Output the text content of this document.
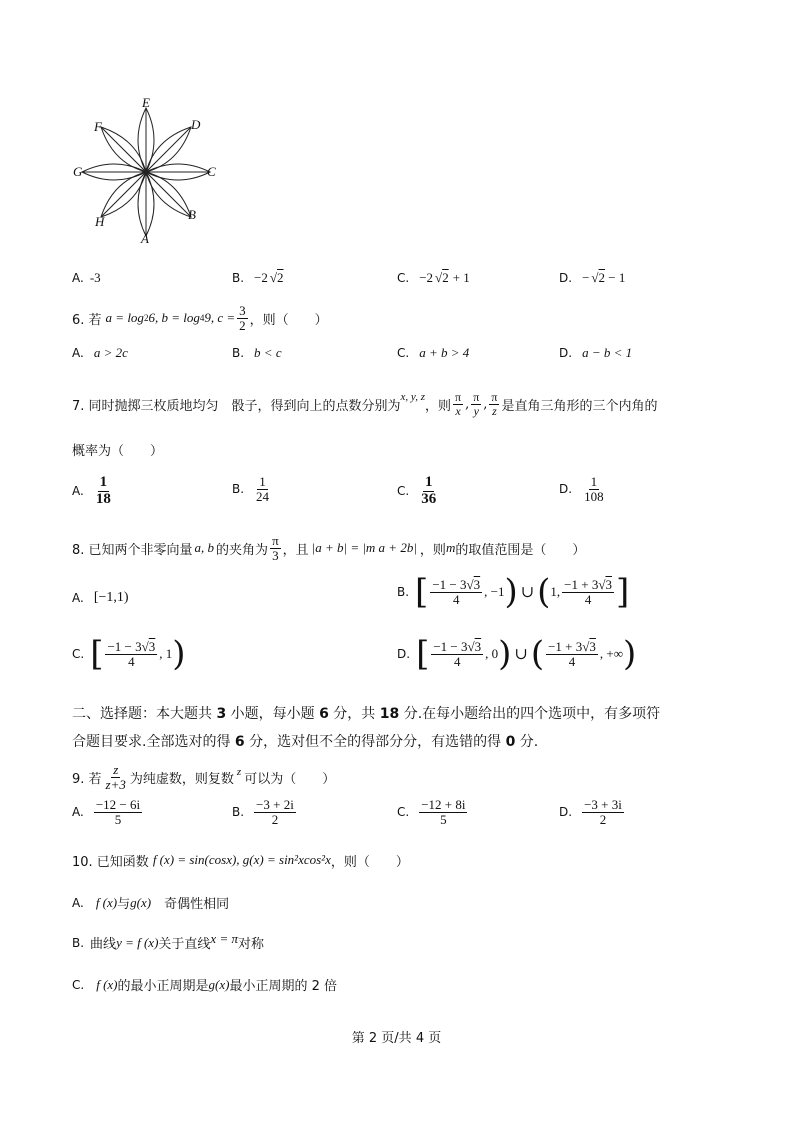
E
D
C
B
A
H
G
F
A. -3	B. −2 √2	C. −2 √2 + 1	D. − √2 − 1
6. 若 a = log 2 6, b = log 4 9, $c = \frac{3}{2}$ ，则（　　）
A. a > 2c	B. b < c	C. a + b > 4	D. a − b < 1
7. 同时抛掷三枚质地均匀　骰子，得到向上的点数分别为
x, y, z
，则 $\frac{\pi}{x}$ , $\frac{\pi}{y}$ , $\frac{\pi}{z}$ 是直角三角形的三个内角的
概率为（　　）
A. $\frac{1}{18}$	B. $\frac{1}{24}$	C. $\frac{1}{36}$	D. $\frac{1}{108}$
8. 已知两个非零向量 a, b 的夹角为 $\frac{\pi}{3}$ ，且 |a + b| = |m a + 2b| ，则 m 的取值范围是（　　）
A. [−1,1)	B. [ $\frac{-1 - 3√3}{4}$ , −1 ) ∪ ( 1, $\frac{-1 + 3√3}{4}$ ]
C. [ $\frac{-1 - 3√3}{4}$ , 1 )	D. [ $\frac{-1 - 3√3}{4}$ , 0 ) ∪ ( $\frac{-1 + 3√3}{4}$ , +∞ )
二、选择题：本大题共 3 小题，每小题 6 分，共 18 分.在每小题给出的四个选项中，有多项符
合题目要求.全部选对的得 6 分，选对但不全的得部分分，有选错的得 0 分.
9. 若 $\frac{z}{z+3}$ 为纯虚数，则复数 z 可以为（　　）
A. $\frac{-12 - 6i}{5}$	B. $\frac{-3 + 2i}{2}$	C. $\frac{-12 + 8i}{5}$	D. $\frac{-3 + 3i}{2}$
10. 已知函数 f (x) = sin(cosx), g(x) = sin²xcos²x ，则（　　）
A. f (x) 与 g(x) 　奇偶性相同
B. 曲线 y = f (x) 关于直线 x = π 对称
C. f (x) 的最小正周期是 g(x) 最小正周期的 2 倍
第 2 页/共 4 页
